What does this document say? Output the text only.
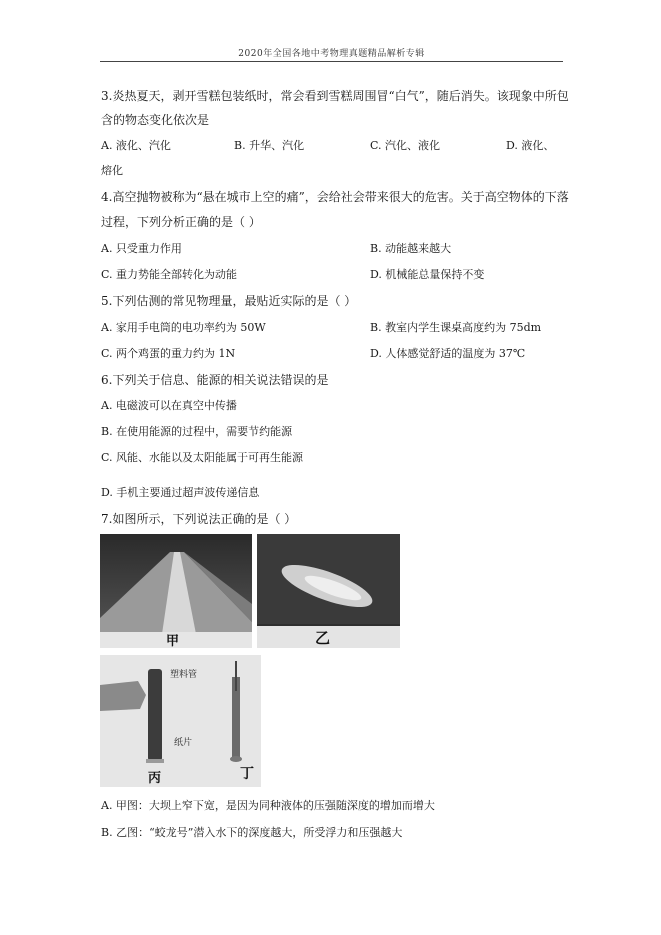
2020年全国各地中考物理真题精品解析专辑
3.炎热夏天，剥开雪糕包装纸时，常会看到雪糕周围冒“白气”，随后消失。该现象中所包
含的物态变化依次是
A. 液化、汽化	B. 升华、汽化	C. 汽化、液化	D. 液化、
熔化
4.高空抛物被称为“悬在城市上空的痛”，会给社会带来很大的危害。关于高空物体的下落
过程，下列分析正确的是（ ）
A. 只受重力作用	B. 动能越来越大
C. 重力势能全部转化为动能	D. 机械能总量保持不变
5.下列估测的常见物理量，最贴近实际的是（ ）
A. 家用手电筒的电功率约为 50W	B. 教室内学生课桌高度约为 75dm
C. 两个鸡蛋的重力约为 1N	D. 人体感觉舒适的温度为 37℃
6.下列关于信息、能源的相关说法错误的是
A. 电磁波可以在真空中传播
B. 在使用能源的过程中，需要节约能源
C. 风能、水能以及太阳能属于可再生能源
D. 手机主要通过超声波传递信息
7.如图所示，下列说法正确的是（ ）
甲	乙
塑料管
纸片
丙	丁
A. 甲图：大坝上窄下宽，是因为同种液体的压强随深度的增加而增大
B. 乙图：“蛟龙号”潜入水下的深度越大，所受浮力和压强越大
